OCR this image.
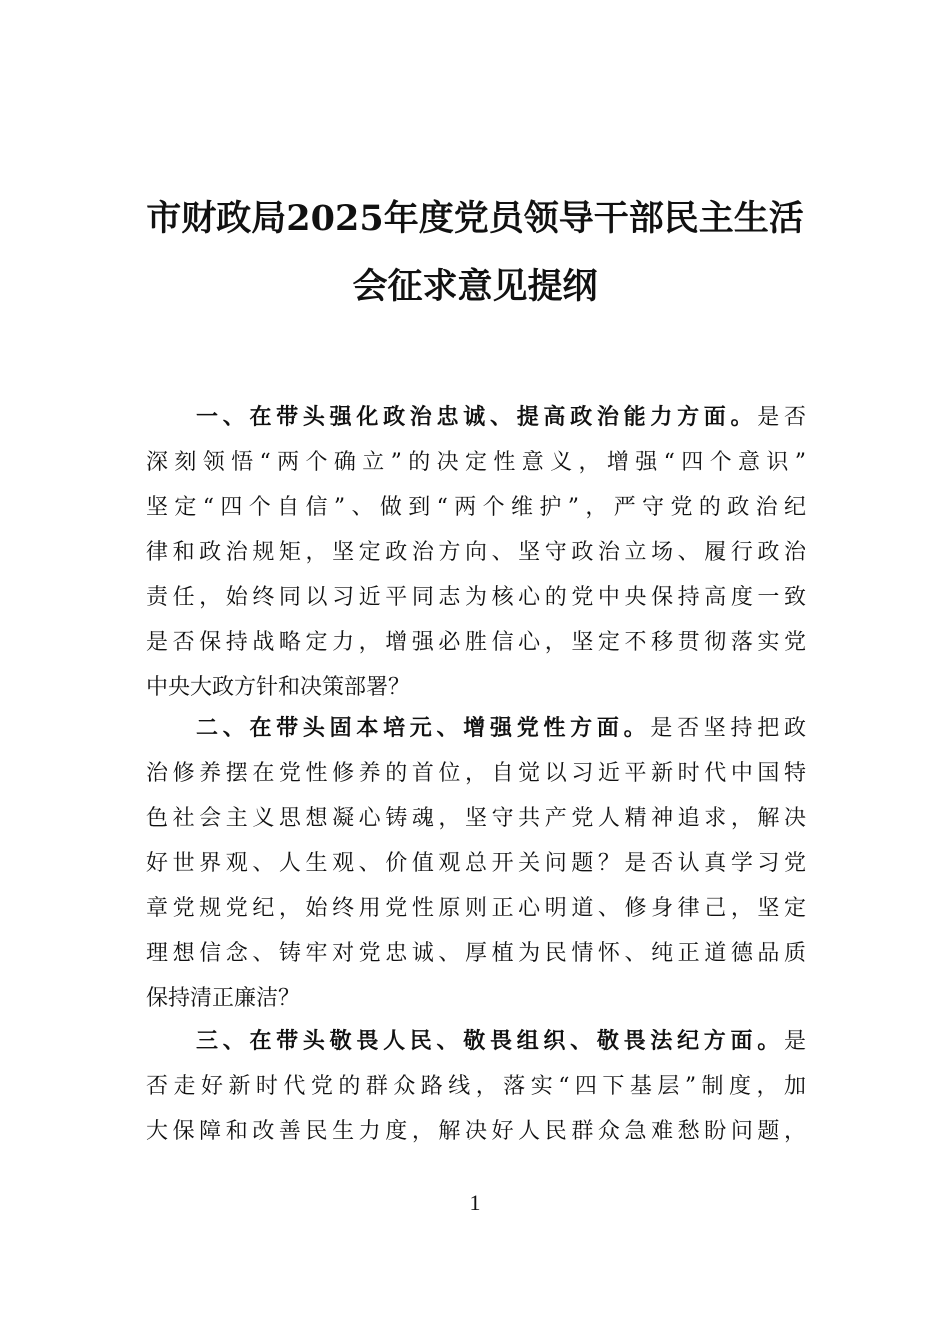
市财政局2025年度党员领导干部民主生活
会征求意见提纲
一、在带头强化政治忠诚、提高政治能力方面。是否
深刻领悟“两个确立”的决定性意义，增强“四个意识”
坚定“四个自信”、做到“两个维护”，严守党的政治纪
律和政治规矩，坚定政治方向、坚守政治立场、履行政治
责任，始终同以习近平同志为核心的党中央保持高度一致
是否保持战略定力，增强必胜信心，坚定不移贯彻落实党
中央大政方针和决策部署？
二、在带头固本培元、增强党性方面。是否坚持把政
治修养摆在党性修养的首位，自觉以习近平新时代中国特
色社会主义思想凝心铸魂，坚守共产党人精神追求，解决
好世界观、人生观、价值观总开关问题？是否认真学习党
章党规党纪，始终用党性原则正心明道、修身律己，坚定
理想信念、铸牢对党忠诚、厚植为民情怀、纯正道德品质
保持清正廉洁？
三、在带头敬畏人民、敬畏组织、敬畏法纪方面。是
否走好新时代党的群众路线，落实“四下基层”制度，加
大保障和改善民生力度，解决好人民群众急难愁盼问题，
1
